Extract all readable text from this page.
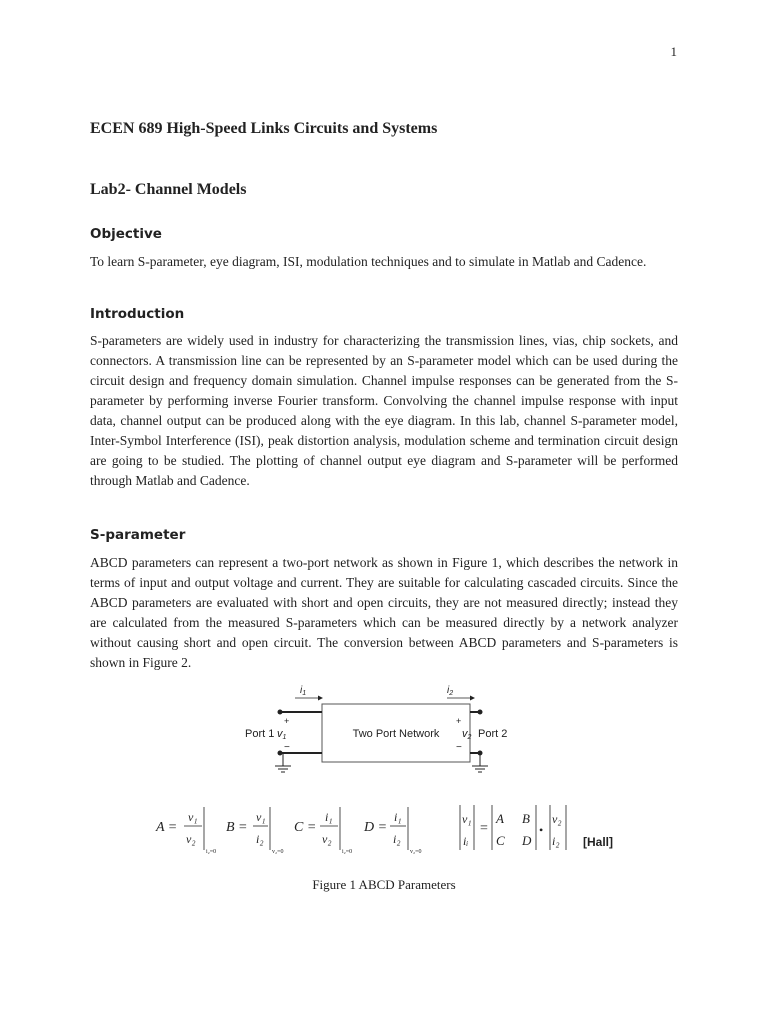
1
ECEN 689 High-Speed Links Circuits and Systems
Lab2- Channel Models
Objective

To learn S-parameter, eye diagram, ISI, modulation techniques and to simulate in Matlab and Cadence.

Introduction

S-parameters are widely used in industry for characterizing the transmission lines, vias, chip sockets, and connectors. A transmission line can be represented by an S-parameter model which can be used during the circuit design and frequency domain simulation. Channel impulse responses can be generated from the S-parameter by performing inverse Fourier transform. Convolving the channel impulse response with input data, channel output can be produced along with the eye diagram. In this lab, channel S-parameter model, Inter-Symbol Interference (ISI), peak distortion analysis, modulation scheme and termination circuit design are going to be studied. The plotting of channel output eye diagram and S-parameter will be performed through Matlab and Cadence.

S-parameter

ABCD parameters can represent a two-port network as shown in Figure 1, which describes the network in terms of input and output voltage and current. They are suitable for calculating cascaded circuits. Since the ABCD parameters are evaluated with short and open circuits, they are not measured directly; instead they are calculated from the measured S-parameters which can be measured directly by a network analyzer without causing short and open circuit. The conversion between ABCD parameters and S-parameters is shown in Figure 2.

Two Port Network
$i_1$
+
−
Port 1 v1
$i_2$
+
−
v2 Port 2
A =
v₁
v₂
i₂=0
B =
v₁
i₂
v₂=0
C =
i₁
v₂
i₂=0
D =
i₁
i₂
v₂=0
v₁
iᵢ
=
A B
C D
•
v₂
i₂ [Hall]

Figure 1 ABCD Parameters
